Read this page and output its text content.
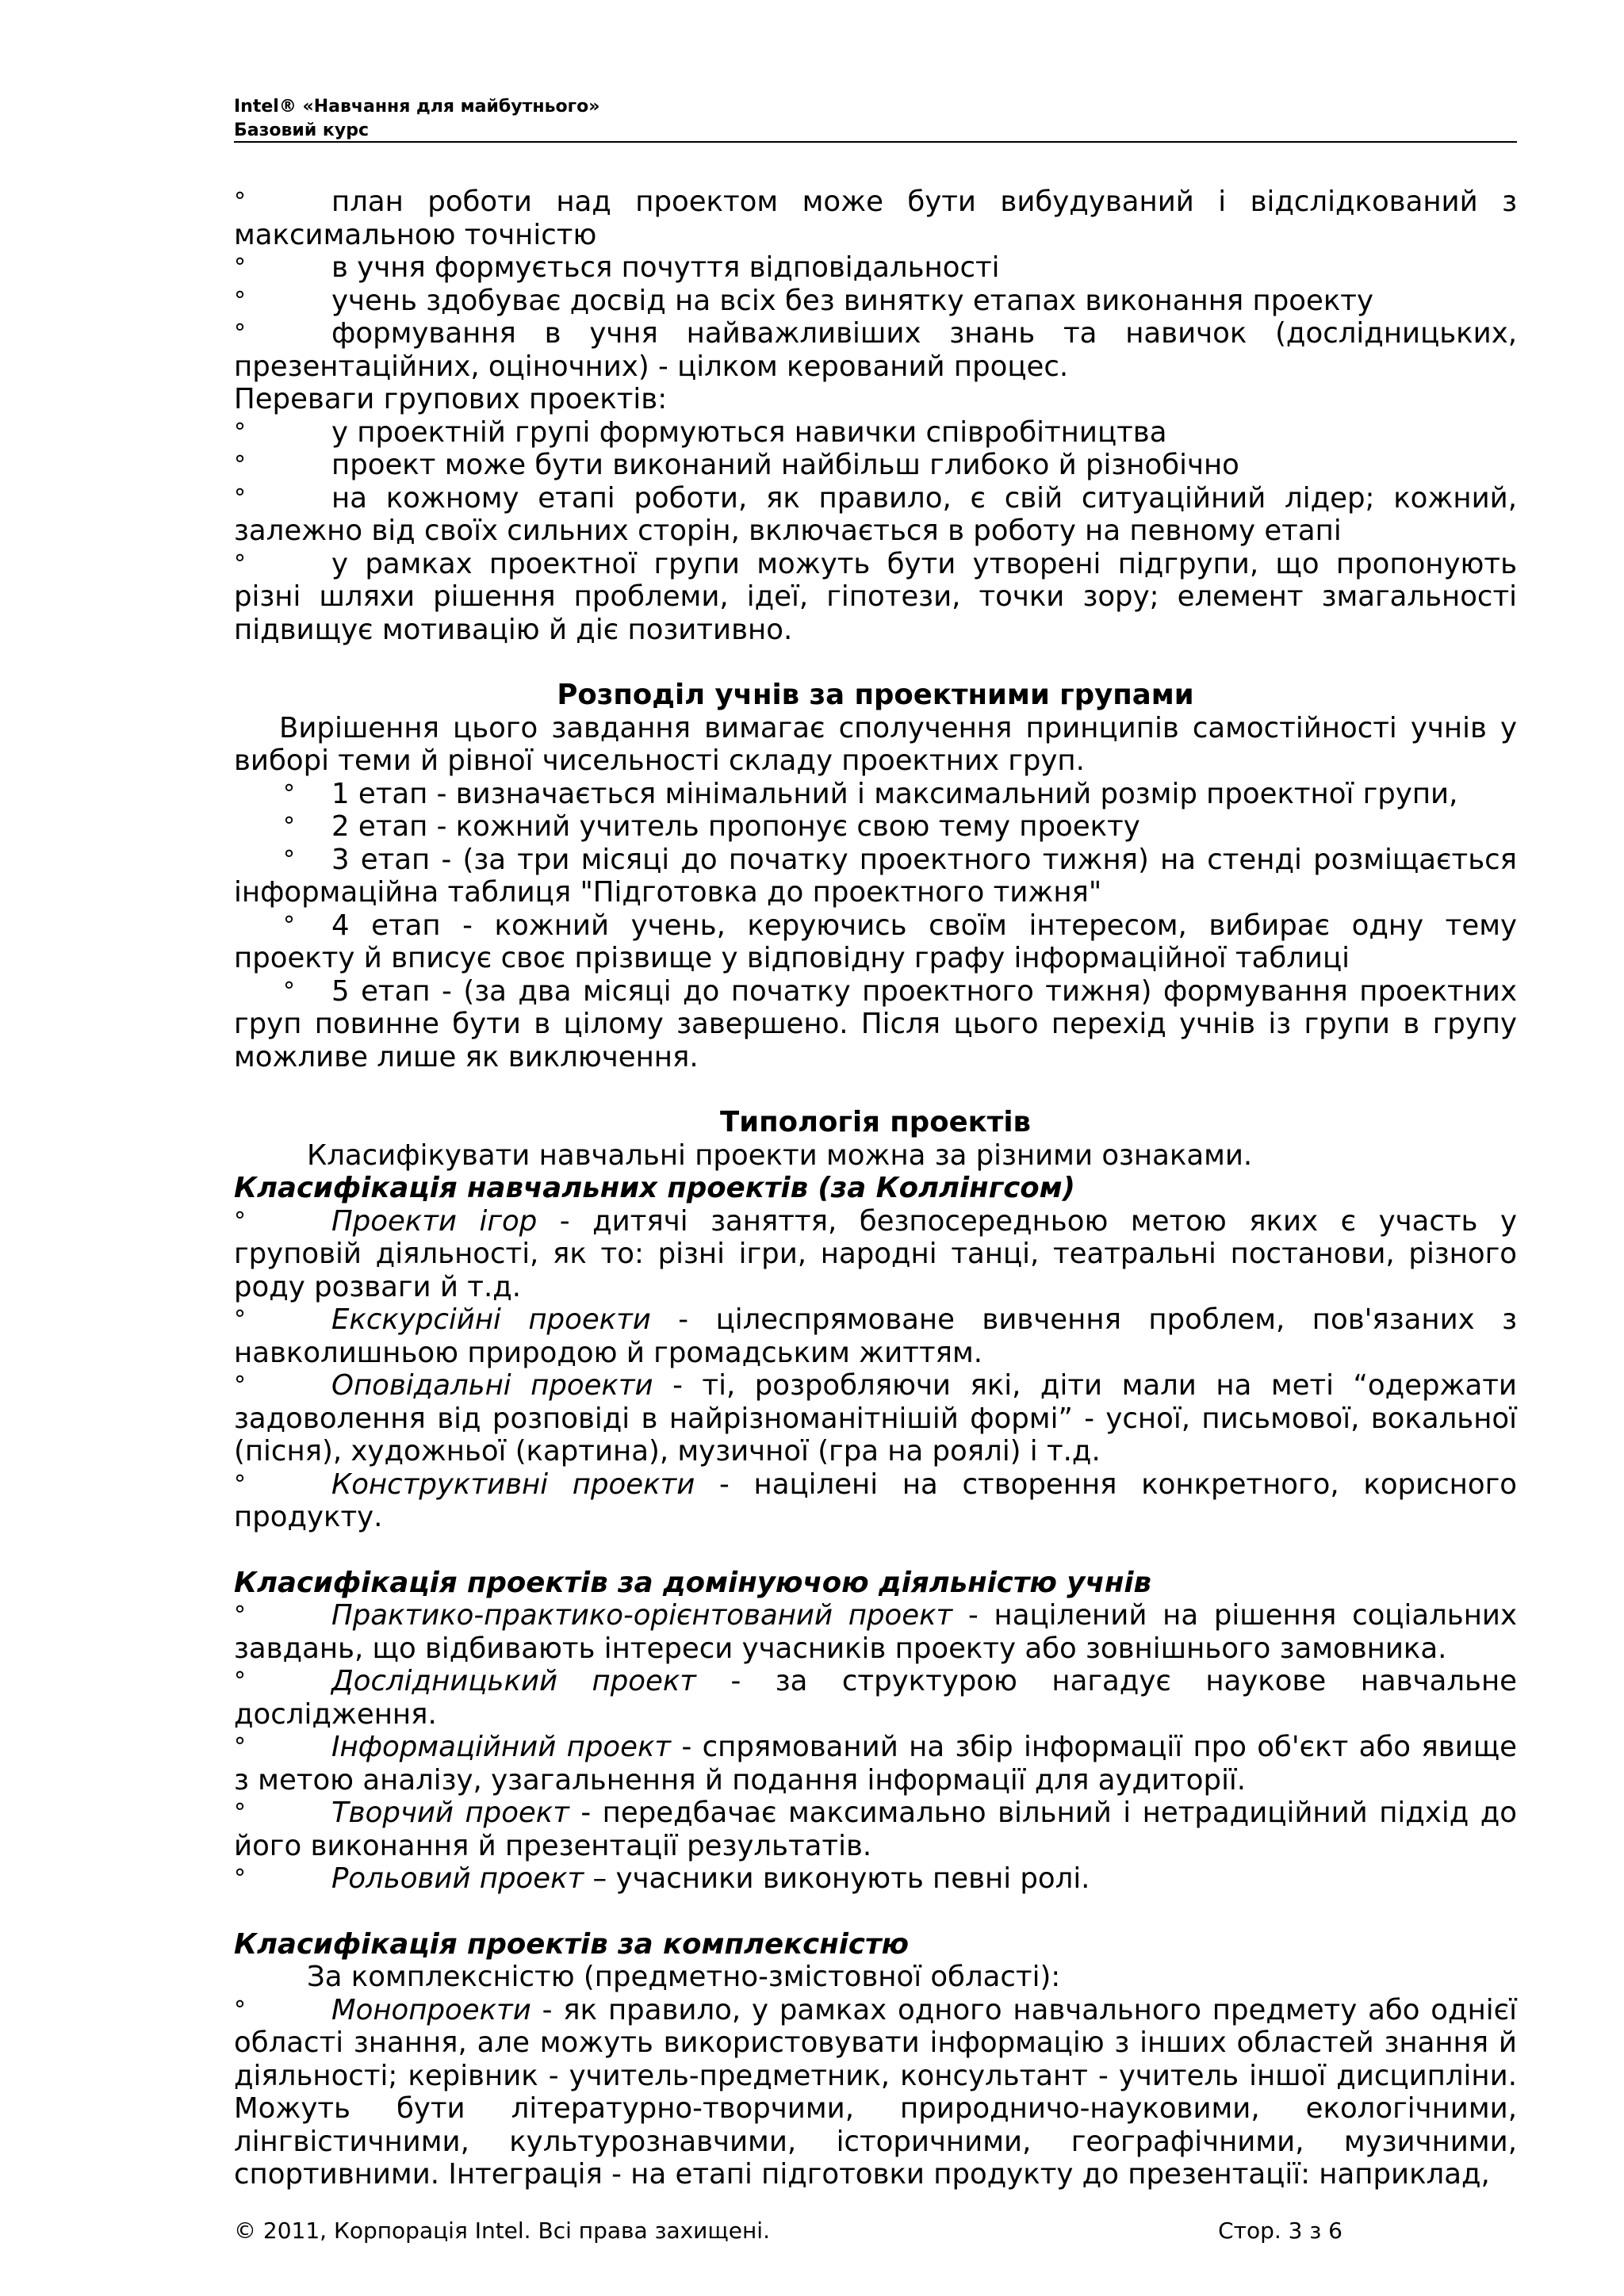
Intel® «Навчання для майбутнього»
Базовий курс

°	план роботи над проектом може бути вибудуваний і відслідкований з максимальною точністю

°	в учня формується почуття відповідальності

°	учень здобуває досвід на всіх без винятку етапах виконання проекту

°	формування в учня найважливіших знань та навичок (дослідницьких, презентаційних, оціночних) - цілком керований процес.

Переваги групових проектів:

°	у проектній групі формуються навички співробітництва

°	проект може бути виконаний найбільш глибоко й різнобічно

°	на кожному етапі роботи, як правило, є свій ситуаційний лідер; кожний, залежно від своїх сильних сторін, включається в роботу на певному етапі

°	у рамках проектної групи можуть бути утворені підгрупи, що пропонують різні шляхи рішення проблеми, ідеї, гіпотези, точки зору; елемент змагальності підвищує мотивацію й діє позитивно.

Розподіл учнів за проектними групами

Вирішення цього завдання вимагає сполучення принципів самостійності учнів у виборі теми й рівної чисельності складу проектних груп.

° 1 етап - визначається мінімальний і максимальний розмір проектної групи,

° 2 етап - кожний учитель пропонує свою тему проекту

° 3 етап - (за три місяці до початку проектного тижня) на стенді розміщається інформаційна таблиця "Підготовка до проектного тижня"

° 4 етап - кожний учень, керуючись своїм інтересом, вибирає одну тему проекту й вписує своє прізвище у відповідну графу інформаційної таблиці

° 5 етап - (за два місяці до початку проектного тижня) формування проектних груп повинне бути в цілому завершено. Після цього перехід учнів із групи в групу можливе лише як виключення.

Типологія проектів

Класифікувати навчальні проекти можна за різними ознаками.

Класифікація навчальних проектів (за Коллінгсом)

°	Проекти ігор - дитячі заняття, безпосередньою метою яких є участь у груповій діяльності, як то: різні ігри, народні танці, театральні постанови, різного роду розваги й т.д.

°	Екскурсійні проекти - цілеспрямоване вивчення проблем, пов'язаних з навколишньою природою й громадським життям.

°	Оповідальні проекти - ті, розробляючи які, діти мали на меті “одержати задоволення від розповіді в найрізноманітнішій формі” - усної, письмової, вокальної (пісня), художньої (картина), музичної (гра на роялі) і т.д.

°	Конструктивні проекти - націлені на створення конкретного, корисного продукту.

Класифікація проектів за домінуючою діяльністю учнів

°	Практико-практико-орієнтований проект - націлений на рішення соціальних завдань, що відбивають інтереси учасників проекту або зовнішнього замовника.

°	Дослідницький проект - за структурою нагадує наукове навчальне дослідження.

°	Інформаційний проект - спрямований на збір інформації про об'єкт або явище з метою аналізу, узагальнення й подання інформації для аудиторії.

°	Творчий проект - передбачає максимально вільний і нетрадиційний підхід до його виконання й презентації результатів.

°	Рольовий проект – учасники виконують певні ролі.

Класифікація проектів за комплексністю

За комплексністю (предметно-змістовної області):

°	Монопроекти - як правило, у рамках одного навчального предмету або однієї області знання, але можуть використовувати інформацію з інших областей знання й діяльності; керівник - учитель-предметник, консультант - учитель іншої дисципліни. Можуть бути літературно-творчими, природничо-науковими, екологічними, лінгвістичними, культурознавчими, історичними, географічними, музичними, спортивними. Інтеграція - на етапі підготовки продукту до презентації: наприклад,

© 2011, Корпорація Intel. Всі права захищені.	Стор. 3 з 6
